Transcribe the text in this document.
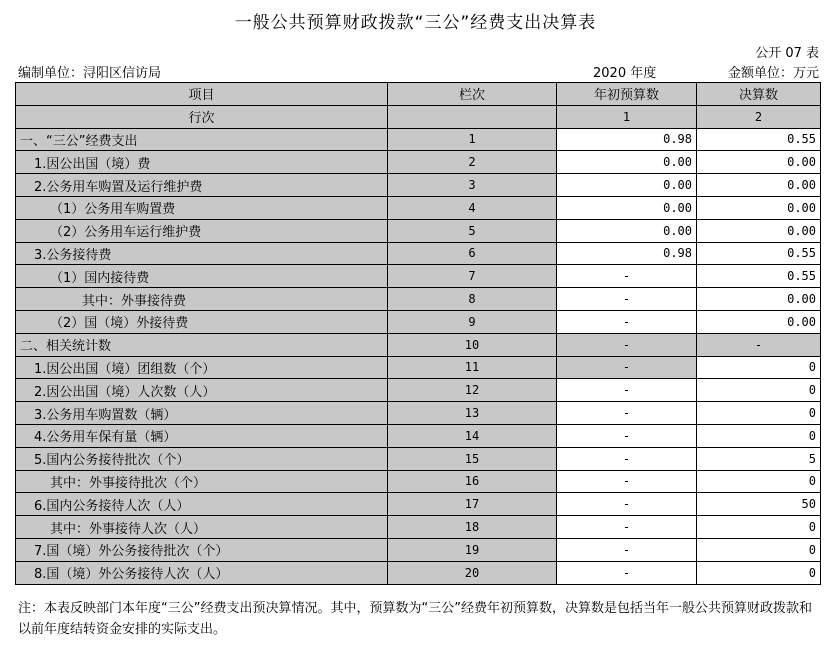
一般公共预算财政拨款“三公”经费支出决算表
公开 07 表
编制单位：浔阳区信访局	2020 年度	金额单位：万元
项目	栏次	年初预算数	决算数
行次		1	2
一、“三公”经费支出	1	0.98	0.55
1.因公出国（境）费	2	0.00	0.00
2.公务用车购置及运行维护费	3	0.00	0.00
（1）公务用车购置费	4	0.00	0.00
（2）公务用车运行维护费	5	0.00	0.00
3.公务接待费	6	0.98	0.55
（1）国内接待费	7	-	0.55
其中：外事接待费	8	-	0.00
（2）国（境）外接待费	9	-	0.00
二、相关统计数	10	-	-
1.因公出国（境）团组数（个）	11	-	0
2.因公出国（境）人次数（人）	12	-	0
3.公务用车购置数（辆）	13	-	0
4.公务用车保有量（辆）	14	-	0
5.国内公务接待批次（个）	15	-	5
其中：外事接待批次（个）	16	-	0
6.国内公务接待人次（人）	17	-	50
其中：外事接待人次（人）	18	-	0
7.国（境）外公务接待批次（个）	19	-	0
8.国（境）外公务接待人次（人）	20	-	0
注：本表反映部门本年度“三公”经费支出预决算情况。其中，预算数为“三公”经费年初预算数，决算数是包括当年一般公共预算财政拨款和以前年度结转资金安排的实际支出。
